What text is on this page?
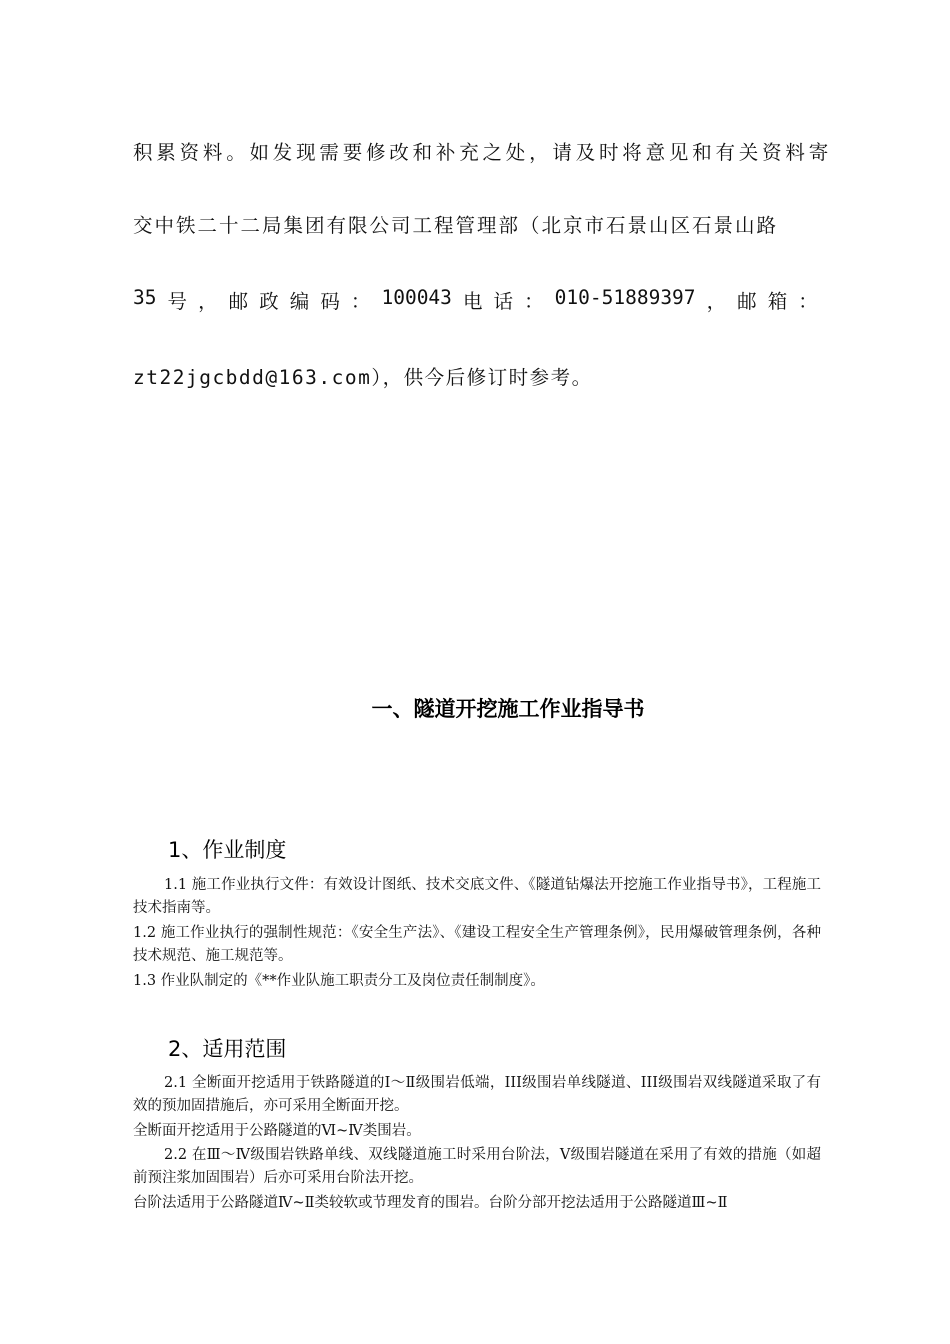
积累资料。如发现需要修改和补充之处，请及时将意见和有关资料寄
交中铁二十二局集团有限公司工程管理部（北京市石景山区石景山路
35 号 ， 邮 政 编 码 ： 100043 电 话 ： 010-51889397 ， 邮 箱 ：
zt22jgcbdd@163.com），供今后修订时参考。
一、隧道开挖施工作业指导书
1、作业制度
1.1 施工作业执行文件：有效设计图纸、技术交底文件、《隧道钻爆法开挖施工作业指导书》，工程施工技术指南等。
1.2 施工作业执行的强制性规范：《安全生产法》、《建设工程安全生产管理条例》，民用爆破管理条例，各种技术规范、施工规范等。
1.3 作业队制定的《**作业队施工职责分工及岗位责任制制度》。
2、适用范围
2.1 全断面开挖适用于铁路隧道的Ⅰ～Ⅱ级围岩低端，III级围岩单线隧道、III级围岩双线隧道采取了有效的预加固措施后，亦可采用全断面开挖。
全断面开挖适用于公路隧道的Ⅵ~Ⅳ类围岩。
2.2 在Ⅲ～Ⅳ级围岩铁路单线、双线隧道施工时采用台阶法，Ⅴ级围岩隧道在采用了有效的措施（如超前预注浆加固围岩）后亦可采用台阶法开挖。
台阶法适用于公路隧道Ⅳ~Ⅱ类较软或节理发育的围岩。台阶分部开挖法适用于公路隧道Ⅲ~Ⅱ
